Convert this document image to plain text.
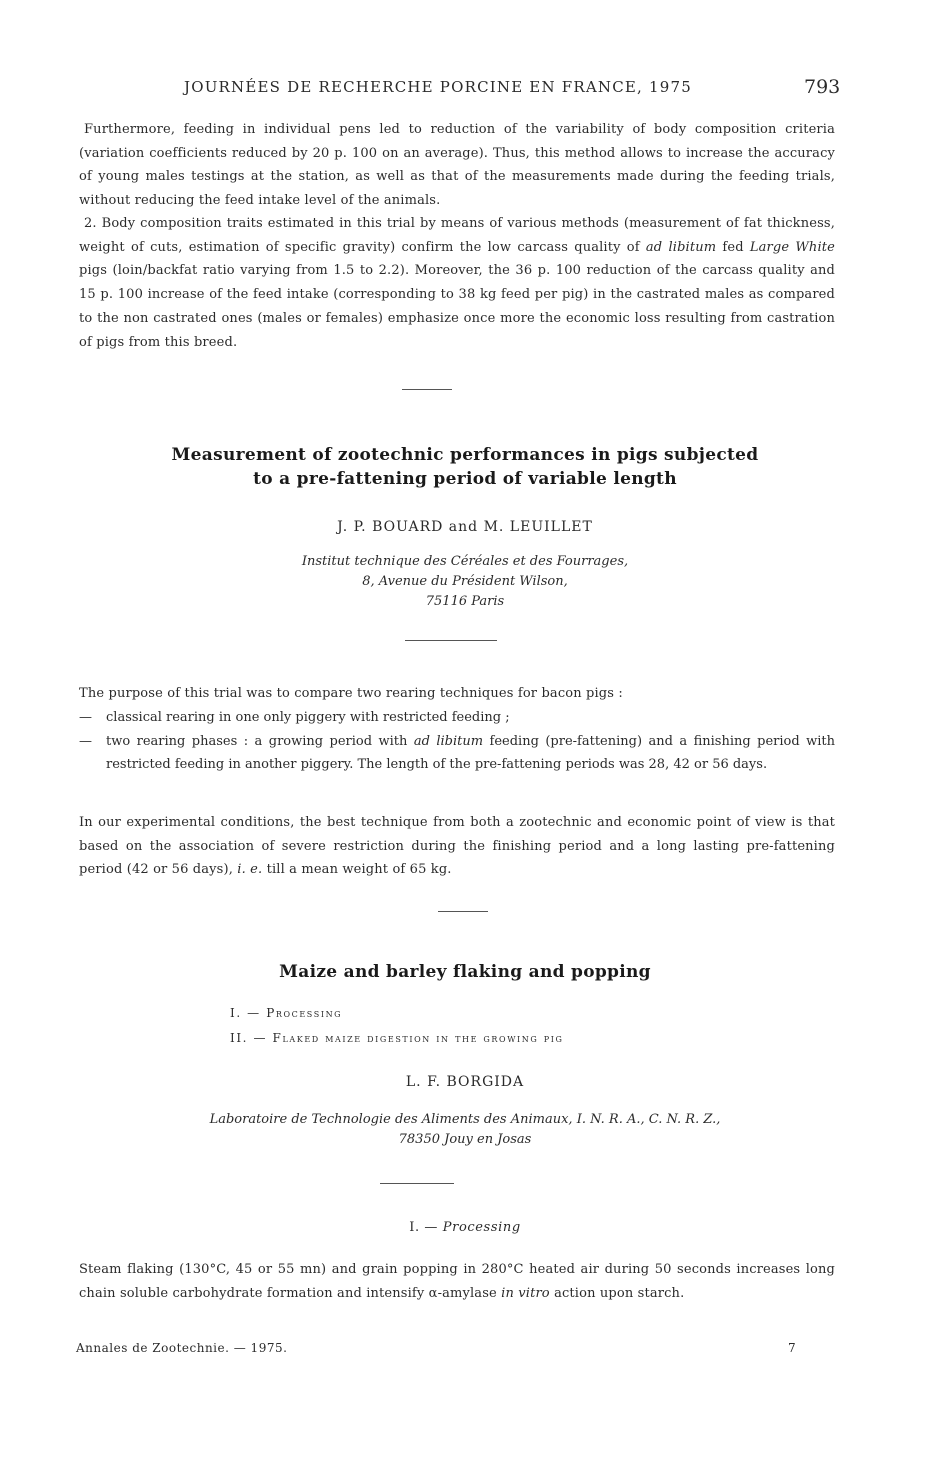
JOURNÉES DE RECHERCHE PORCINE EN FRANCE, 1975	793

Furthermore, feeding in individual pens led to reduction of the variability of body composition criteria (variation coefficients reduced by 20 p. 100 on an average). Thus, this method allows to increase the accuracy of young males testings at the station, as well as that of the measurements made during the feeding trials, without reducing the feed intake level of the animals.

2. Body composition traits estimated in this trial by means of various methods (measurement of fat thickness, weight of cuts, estimation of specific gravity) confirm the low carcass quality of ad libitum fed Large White pigs (loin/backfat ratio varying from 1.5 to 2.2). Moreover, the 36 p. 100 reduction of the carcass quality and 15 p. 100 increase of the feed intake (corresponding to 38 kg feed per pig) in the castrated males as compared to the non castrated ones (males or females) emphasize once more the economic loss resulting from castration of pigs from this breed.

Measurement of zootechnic performances in pigs subjected
to a pre-fattening period of variable length
J. P. BOUARD and M. LEUILLET
Institut technique des Céréales et des Fourrages,
8, Avenue du Président Wilson,
75116 Paris

The purpose of this trial was to compare two rearing techniques for bacon pigs :

— classical rearing in one only piggery with restricted feeding ;
— two rearing phases : a growing period with ad libitum feeding (pre-fattening) and a finishing period with restricted feeding in another piggery. The length of the pre-fattening periods was 28, 42 or 56 days.

In our experimental conditions, the best technique from both a zootechnic and economic point of view is that based on the association of severe restriction during the finishing period and a long lasting pre-fattening period (42 or 56 days), i. e. till a mean weight of 65 kg.

Maize and barley flaking and popping
I. — Processing
II. — Flaked maize digestion in the growing pig
L. F. BORGIDA
Laboratoire de Technologie des Aliments des Animaux, I. N. R. A., C. N. R. Z.,
78350 Jouy en Josas
I. — Processing

Steam flaking (130°C, 45 or 55 mn) and grain popping in 280°C heated air during 50 seconds increases long chain soluble carbohydrate formation and intensify α-amylase in vitro action upon starch.

Annales de Zootechnie. — 1975.	7
